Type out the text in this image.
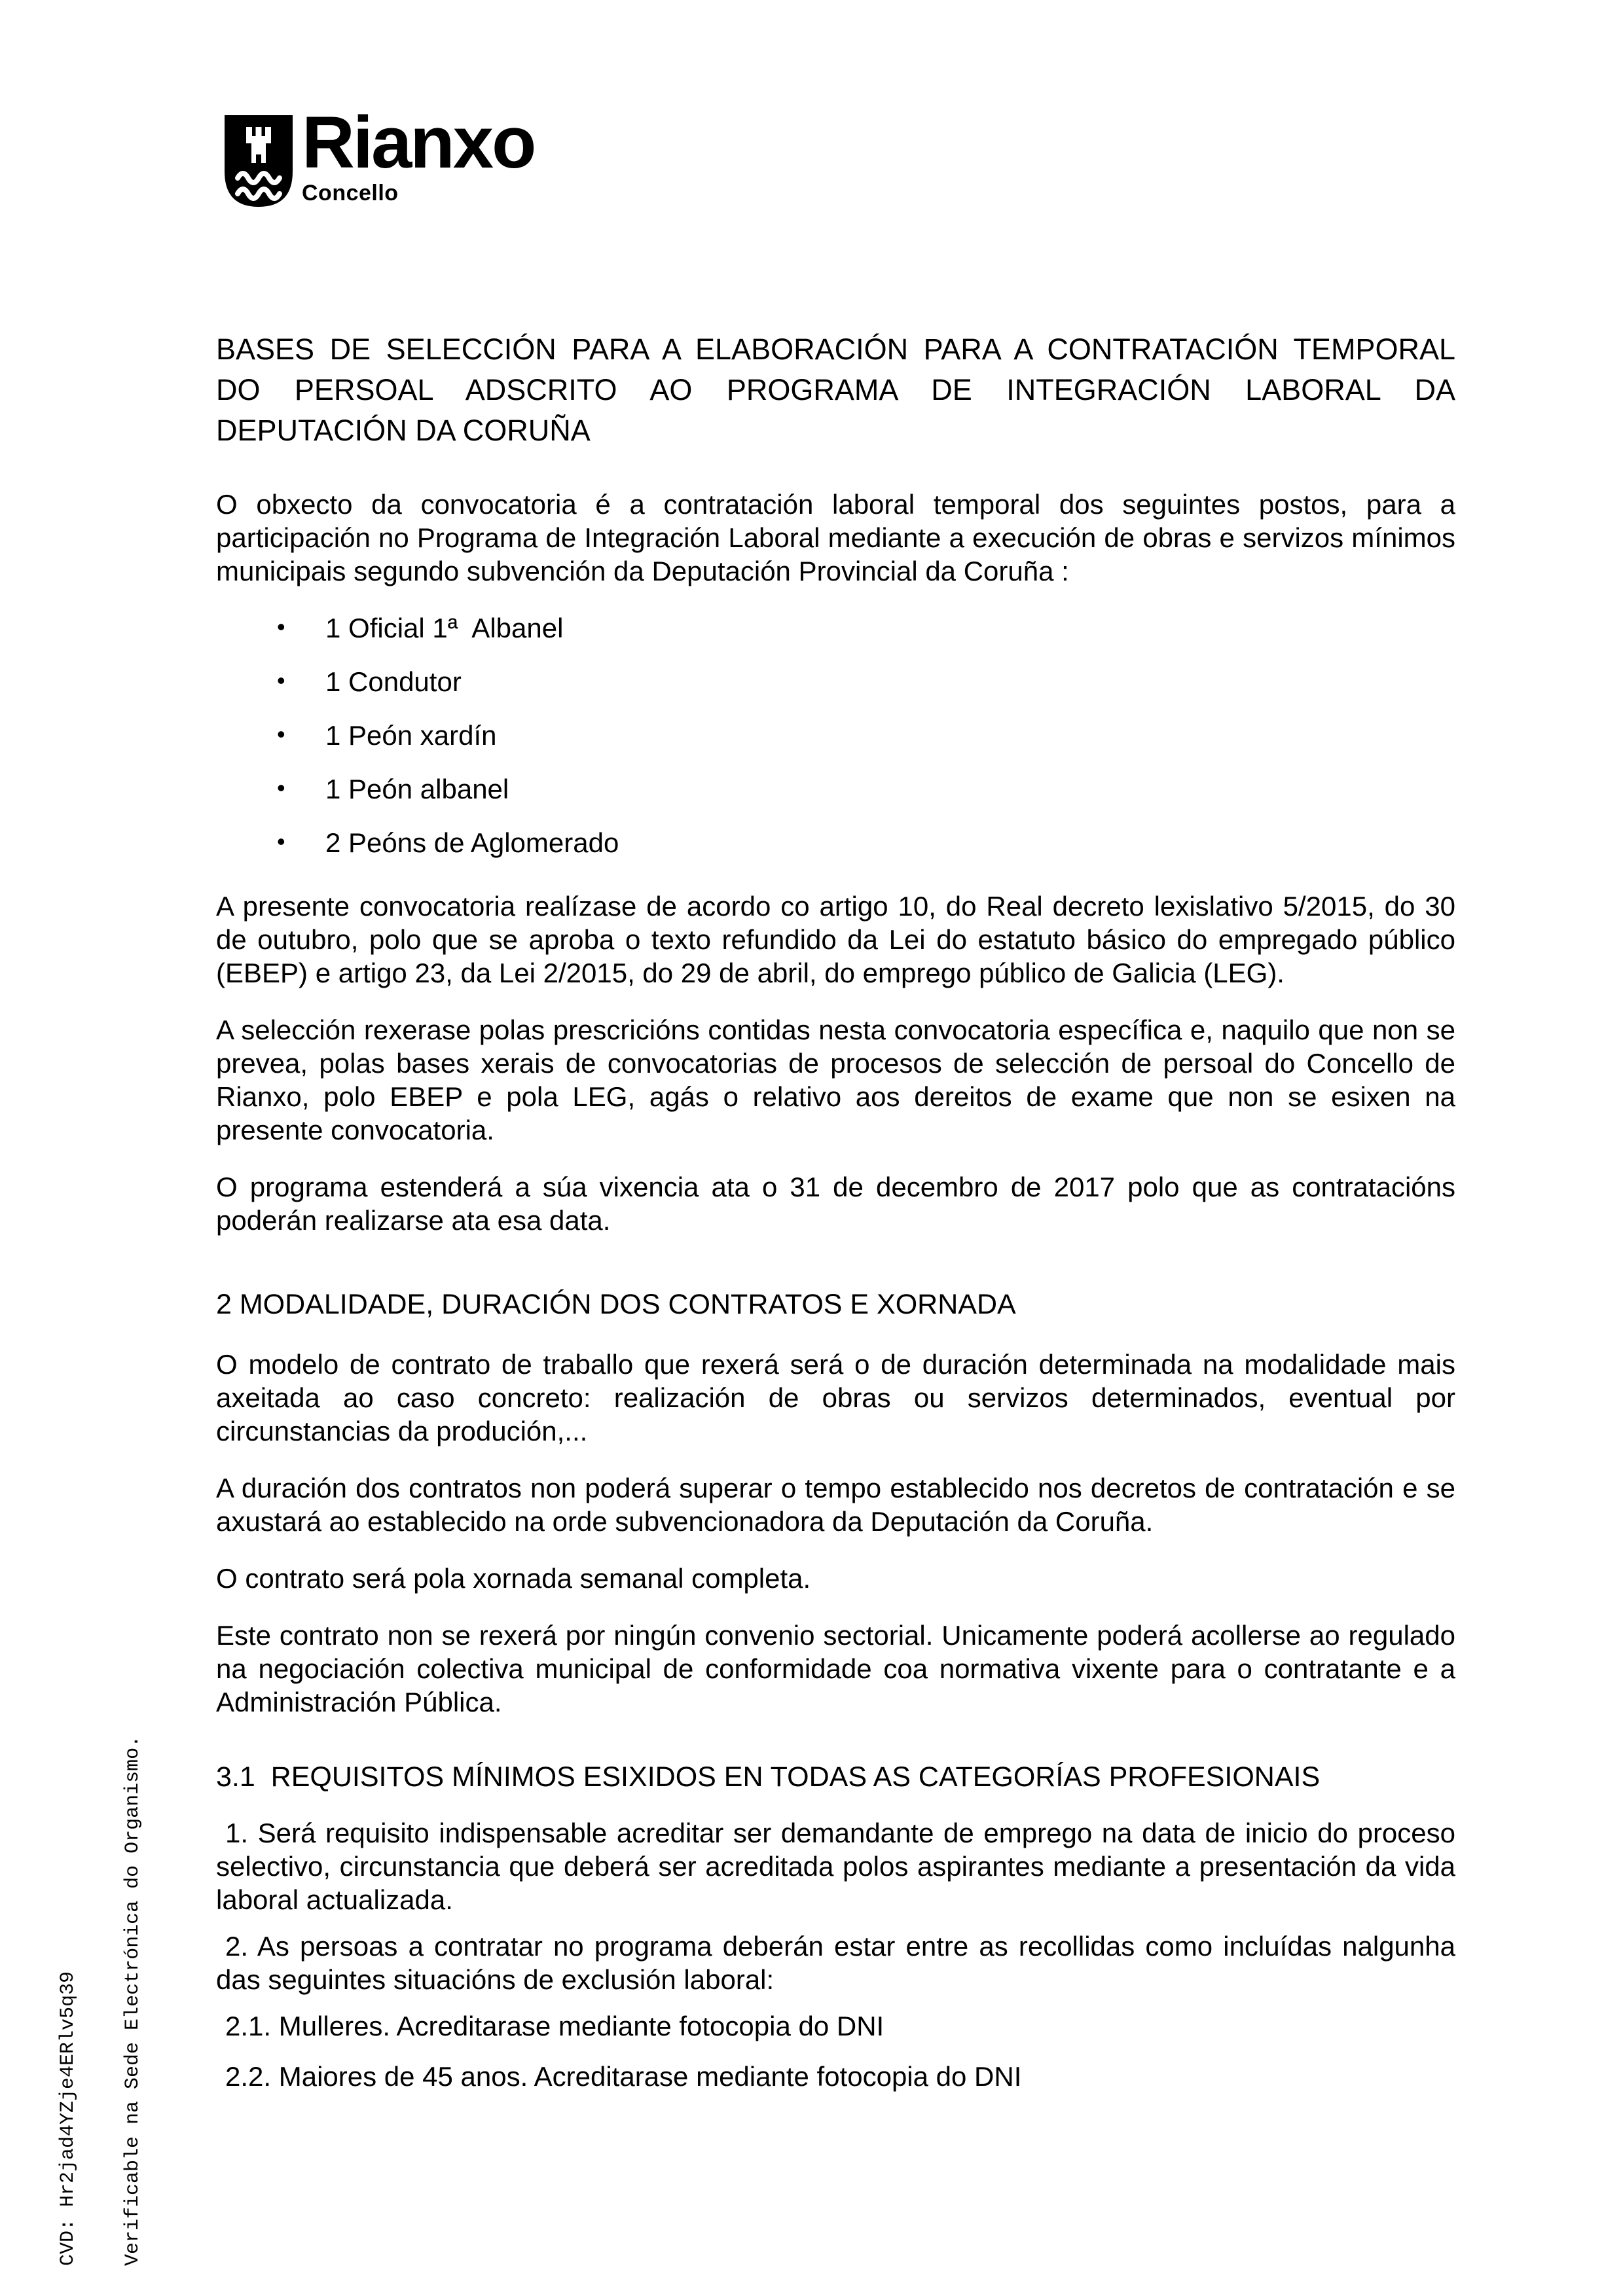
Rianxo
Concello

CVD: Hr2jad4YZje4ERlv5q39

Verificable na Sede Electrónica do Organismo.

BASES DE SELECCIÓN PARA A ELABORACIÓN PARA A CONTRATACIÓN TEMPORAL
DO PERSOAL ADSCRITO AO PROGRAMA DE INTEGRACIÓN LABORAL DA
DEPUTACIÓN DA CORUÑA

O obxecto da convocatoria é a contratación laboral temporal dos seguintes postos, para a participación no Programa de Integración Laboral mediante a execución de obras e servizos mínimos municipais segundo subvención da Deputación Provincial da Coruña :

• 1 Oficial 1ª  Albanel
• 1 Condutor
• 1 Peón xardín
• 1 Peón albanel
• 2 Peóns de Aglomerado

A presente convocatoria realízase de acordo co artigo 10, do Real decreto lexislativo 5/2015, do 30 de outubro, polo que se aproba o texto refundido da Lei do estatuto básico do empregado público (EBEP) e artigo 23, da Lei 2/2015, do 29 de abril, do emprego público de Galicia (LEG).

A selección rexerase polas prescricións contidas nesta convocatoria específica e, naquilo que non se prevea, polas bases xerais de convocatorias de procesos de selección de persoal do Concello de Rianxo, polo EBEP e pola LEG, agás o relativo aos dereitos de exame que non se esixen na presente convocatoria.

O programa estenderá a súa vixencia ata o 31 de decembro de 2017 polo que as contratacións poderán realizarse ata esa data.

2 MODALIDADE, DURACIÓN DOS CONTRATOS E XORNADA

O modelo de contrato de traballo que rexerá será o de duración determinada na modalidade mais axeitada ao caso concreto: realización de obras ou servizos determinados, eventual por circunstancias da produción,...

A duración dos contratos non poderá superar o tempo establecido nos decretos de contratación e se axustará ao establecido na orde subvencionadora da Deputación da Coruña.

O contrato será pola xornada semanal completa.

Este contrato non se rexerá por ningún convenio sectorial. Unicamente poderá acollerse ao regulado na negociación colectiva municipal de conformidade coa normativa vixente para o contratante e a Administración Pública.

3.1  REQUISITOS MÍNIMOS ESIXIDOS EN TODAS AS CATEGORÍAS PROFESIONAIS

1. Será requisito indispensable acreditar ser demandante de emprego na data de inicio do proceso selectivo, circunstancia que deberá ser acreditada polos aspirantes mediante a presentación da vida laboral actualizada.

2. As persoas a contratar no programa deberán estar entre as recollidas como incluídas nalgunha das seguintes situacións de exclusión laboral:

2.1. Mulleres. Acreditarase mediante fotocopia do DNI

2.2. Maiores de 45 anos. Acreditarase mediante fotocopia do DNI
